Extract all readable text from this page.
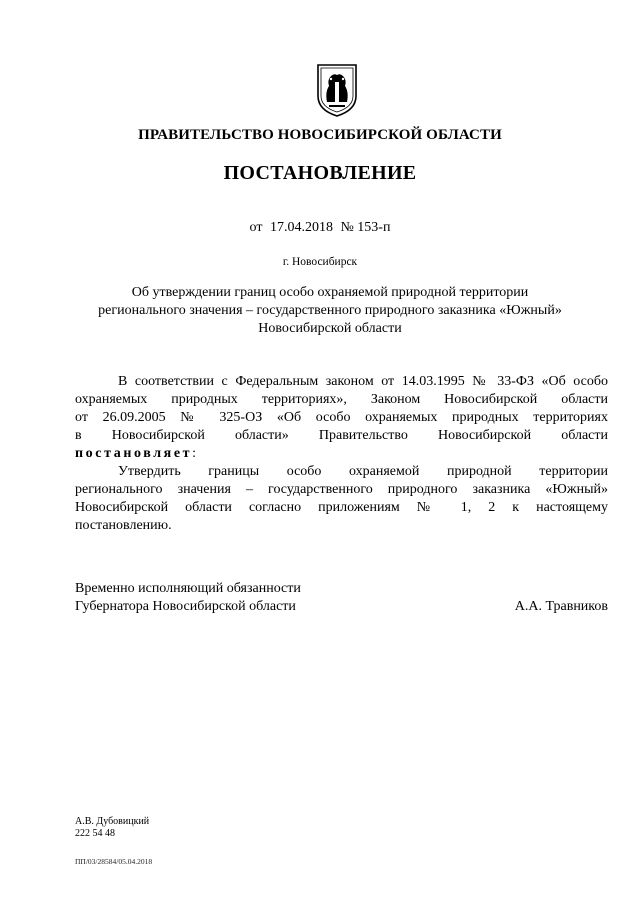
ПРАВИТЕЛЬСТВО НОВОСИБИРСКОЙ ОБЛАСТИ
ПОСТАНОВЛЕНИЕ
от 17.04.2018 № 153-п
г. Новосибирск
Об утверждении границ особо охраняемой природной территории
регионального значения – государственного природного заказника «Южный»
Новосибирской области
В соответствии с Федеральным законом от 14.03.1995 № 33-ФЗ «Об особо
охраняемых природных территориях», Законом Новосибирской области
от 26.09.2005 № 325-ОЗ «Об особо охраняемых природных территориях
в Новосибирской области» Правительство Новосибирской области
постановляет:
Утвердить границы особо охраняемой природной территории
регионального значения – государственного природного заказника «Южный»
Новосибирской области согласно приложениям № 1, 2 к настоящему
постановлению.
Временно исполняющий обязанности
Губернатора Новосибирской области	А.А. Травников
А.В. Дубовицкий
222 54 48
ПП/03/28584/05.04.2018
